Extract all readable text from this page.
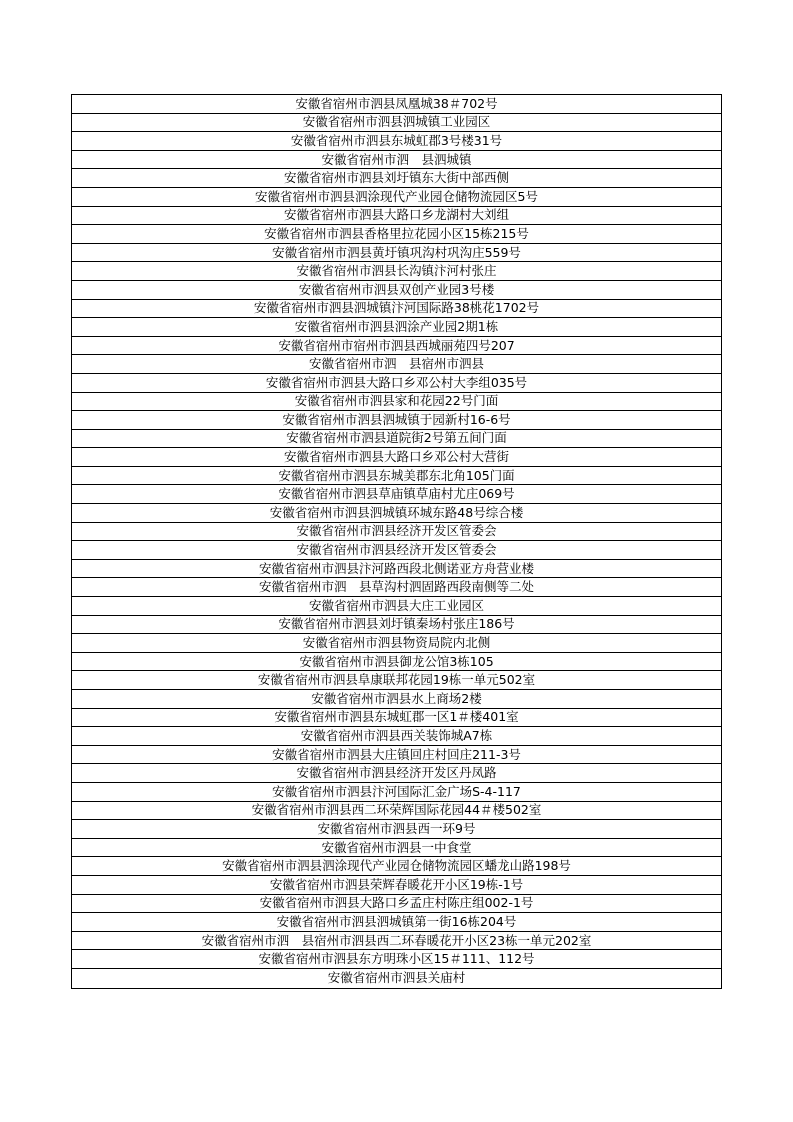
安徽省宿州市泗县凤凰城38＃702号
安徽省宿州市泗县泗城镇工业园区
安徽省宿州市泗县东城虹郡3号楼31号
安徽省宿州市泗　县泗城镇
安徽省宿州市泗县刘圩镇东大街中部西侧
安徽省宿州市泗县泗涂现代产业园仓储物流园区5号
安徽省宿州市泗县大路口乡龙湖村大刘组
安徽省宿州市泗县香格里拉花园小区15栋215号
安徽省宿州市泗县黄圩镇巩沟村巩沟庄559号
安徽省宿州市泗县长沟镇汴河村张庄
安徽省宿州市泗县双创产业园3号楼
安徽省宿州市泗县泗城镇汴河国际路38桃花1702号
安徽省宿州市泗县泗涂产业园2期1栋
安徽省宿州市宿州市泗县西城丽苑四号207
安徽省宿州市泗　县宿州市泗县
安徽省宿州市泗县大路口乡邓公村大李组035号
安徽省宿州市泗县家和花园22号门面
安徽省宿州市泗县泗城镇于园新村16-6号
安徽省宿州市泗县道院街2号第五间门面
安徽省宿州市泗县大路口乡邓公村大营街
安徽省宿州市泗县东城美郡东北角105门面
安徽省宿州市泗县草庙镇草庙村尤庄069号
安徽省宿州市泗县泗城镇环城东路48号综合楼
安徽省宿州市泗县经济开发区管委会
安徽省宿州市泗县经济开发区管委会
安徽省宿州市泗县汴河路西段北侧诺亚方舟营业楼
安徽省宿州市泗　县草沟村泗固路西段南侧等二处
安徽省宿州市泗县大庄工业园区
安徽省宿州市泗县刘圩镇秦场村张庄186号
安徽省宿州市泗县物资局院内北侧
安徽省宿州市泗县御龙公馆3栋105
安徽省宿州市泗县阜康联邦花园19栋一单元502室
安徽省宿州市泗县水上商场2楼
安徽省宿州市泗县东城虹郡一区1＃楼401室
安徽省宿州市泗县西关装饰城A7栋
安徽省宿州市泗县大庄镇回庄村回庄211-3号
安徽省宿州市泗县经济开发区丹凤路
安徽省宿州市泗县汴河国际汇金广场S-4-117
安徽省宿州市泗县西二环荣辉国际花园44＃楼502室
安徽省宿州市泗县西一环9号
安徽省宿州市泗县一中食堂
安徽省宿州市泗县泗涂现代产业园仓储物流园区蟠龙山路198号
安徽省宿州市泗县荣辉春暖花开小区19栋-1号
安徽省宿州市泗县大路口乡孟庄村陈庄组002-1号
安徽省宿州市泗县泗城镇第一街16栋204号
安徽省宿州市泗　县宿州市泗县西二环春暖花开小区23栋一单元202室
安徽省宿州市泗县东方明珠小区15＃111、112号
安徽省宿州市泗县关庙村
